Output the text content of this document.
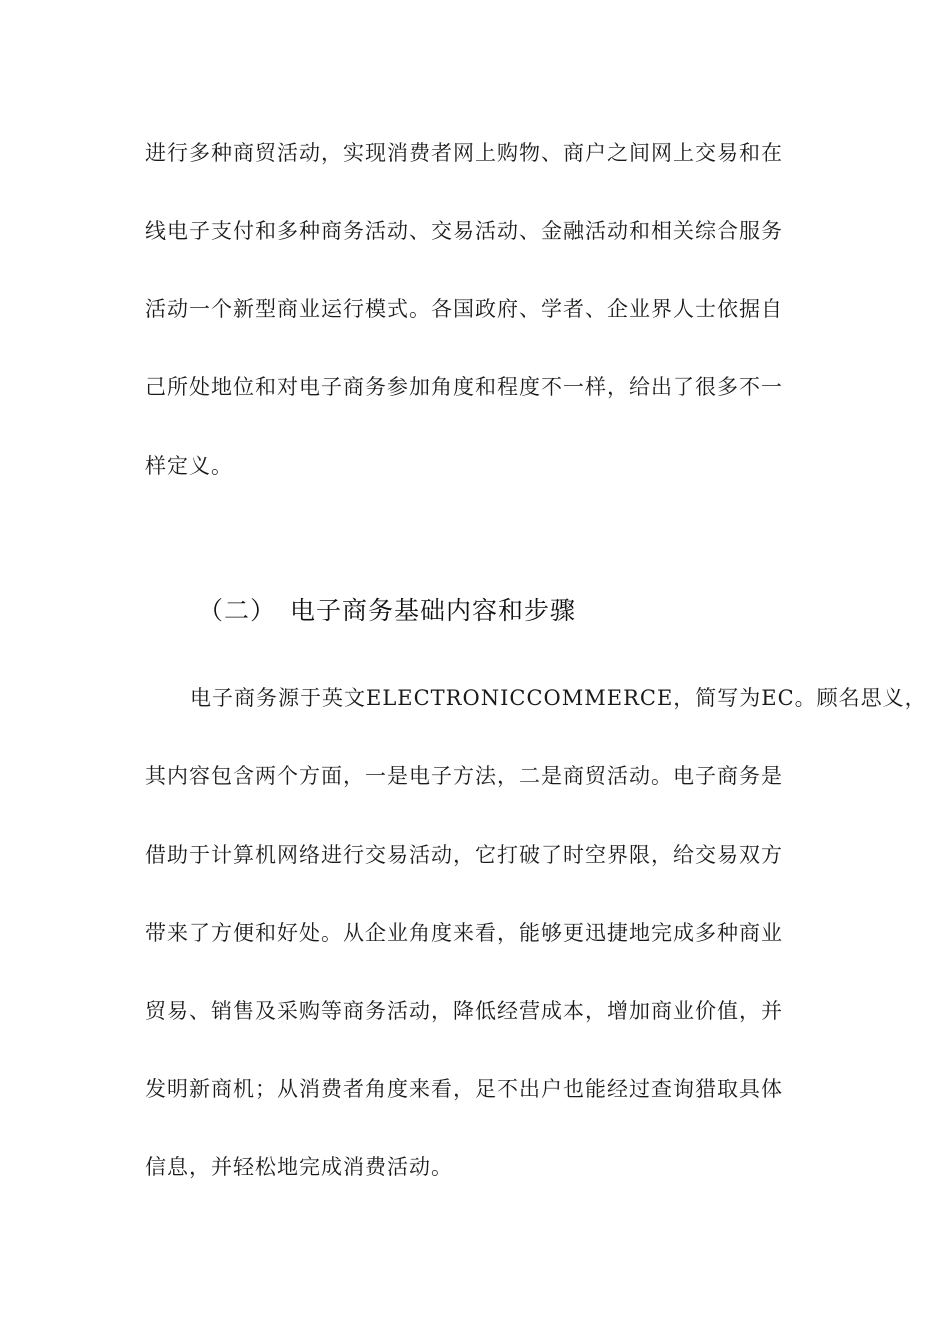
进行多种商贸活动，实现消费者网上购物、商户之间网上交易和在
线电子支付和多种商务活动、交易活动、金融活动和相关综合服务
活动一个新型商业运行模式。各国政府、学者、企业界人士依据自
己所处地位和对电子商务参加角度和程度不一样，给出了很多不一
样定义。
（二） 电子商务基础内容和步骤
电子商务源于英文ELECTRONICCOMMERCE，简写为EC。顾名思义，
其内容包含两个方面，一是电子方法，二是商贸活动。电子商务是
借助于计算机网络进行交易活动，它打破了时空界限，给交易双方
带来了方便和好处。从企业角度来看，能够更迅捷地完成多种商业
贸易、销售及采购等商务活动，降低经营成本，增加商业价值，并
发明新商机；从消费者角度来看，足不出户也能经过查询猎取具体
信息，并轻松地完成消费活动。
